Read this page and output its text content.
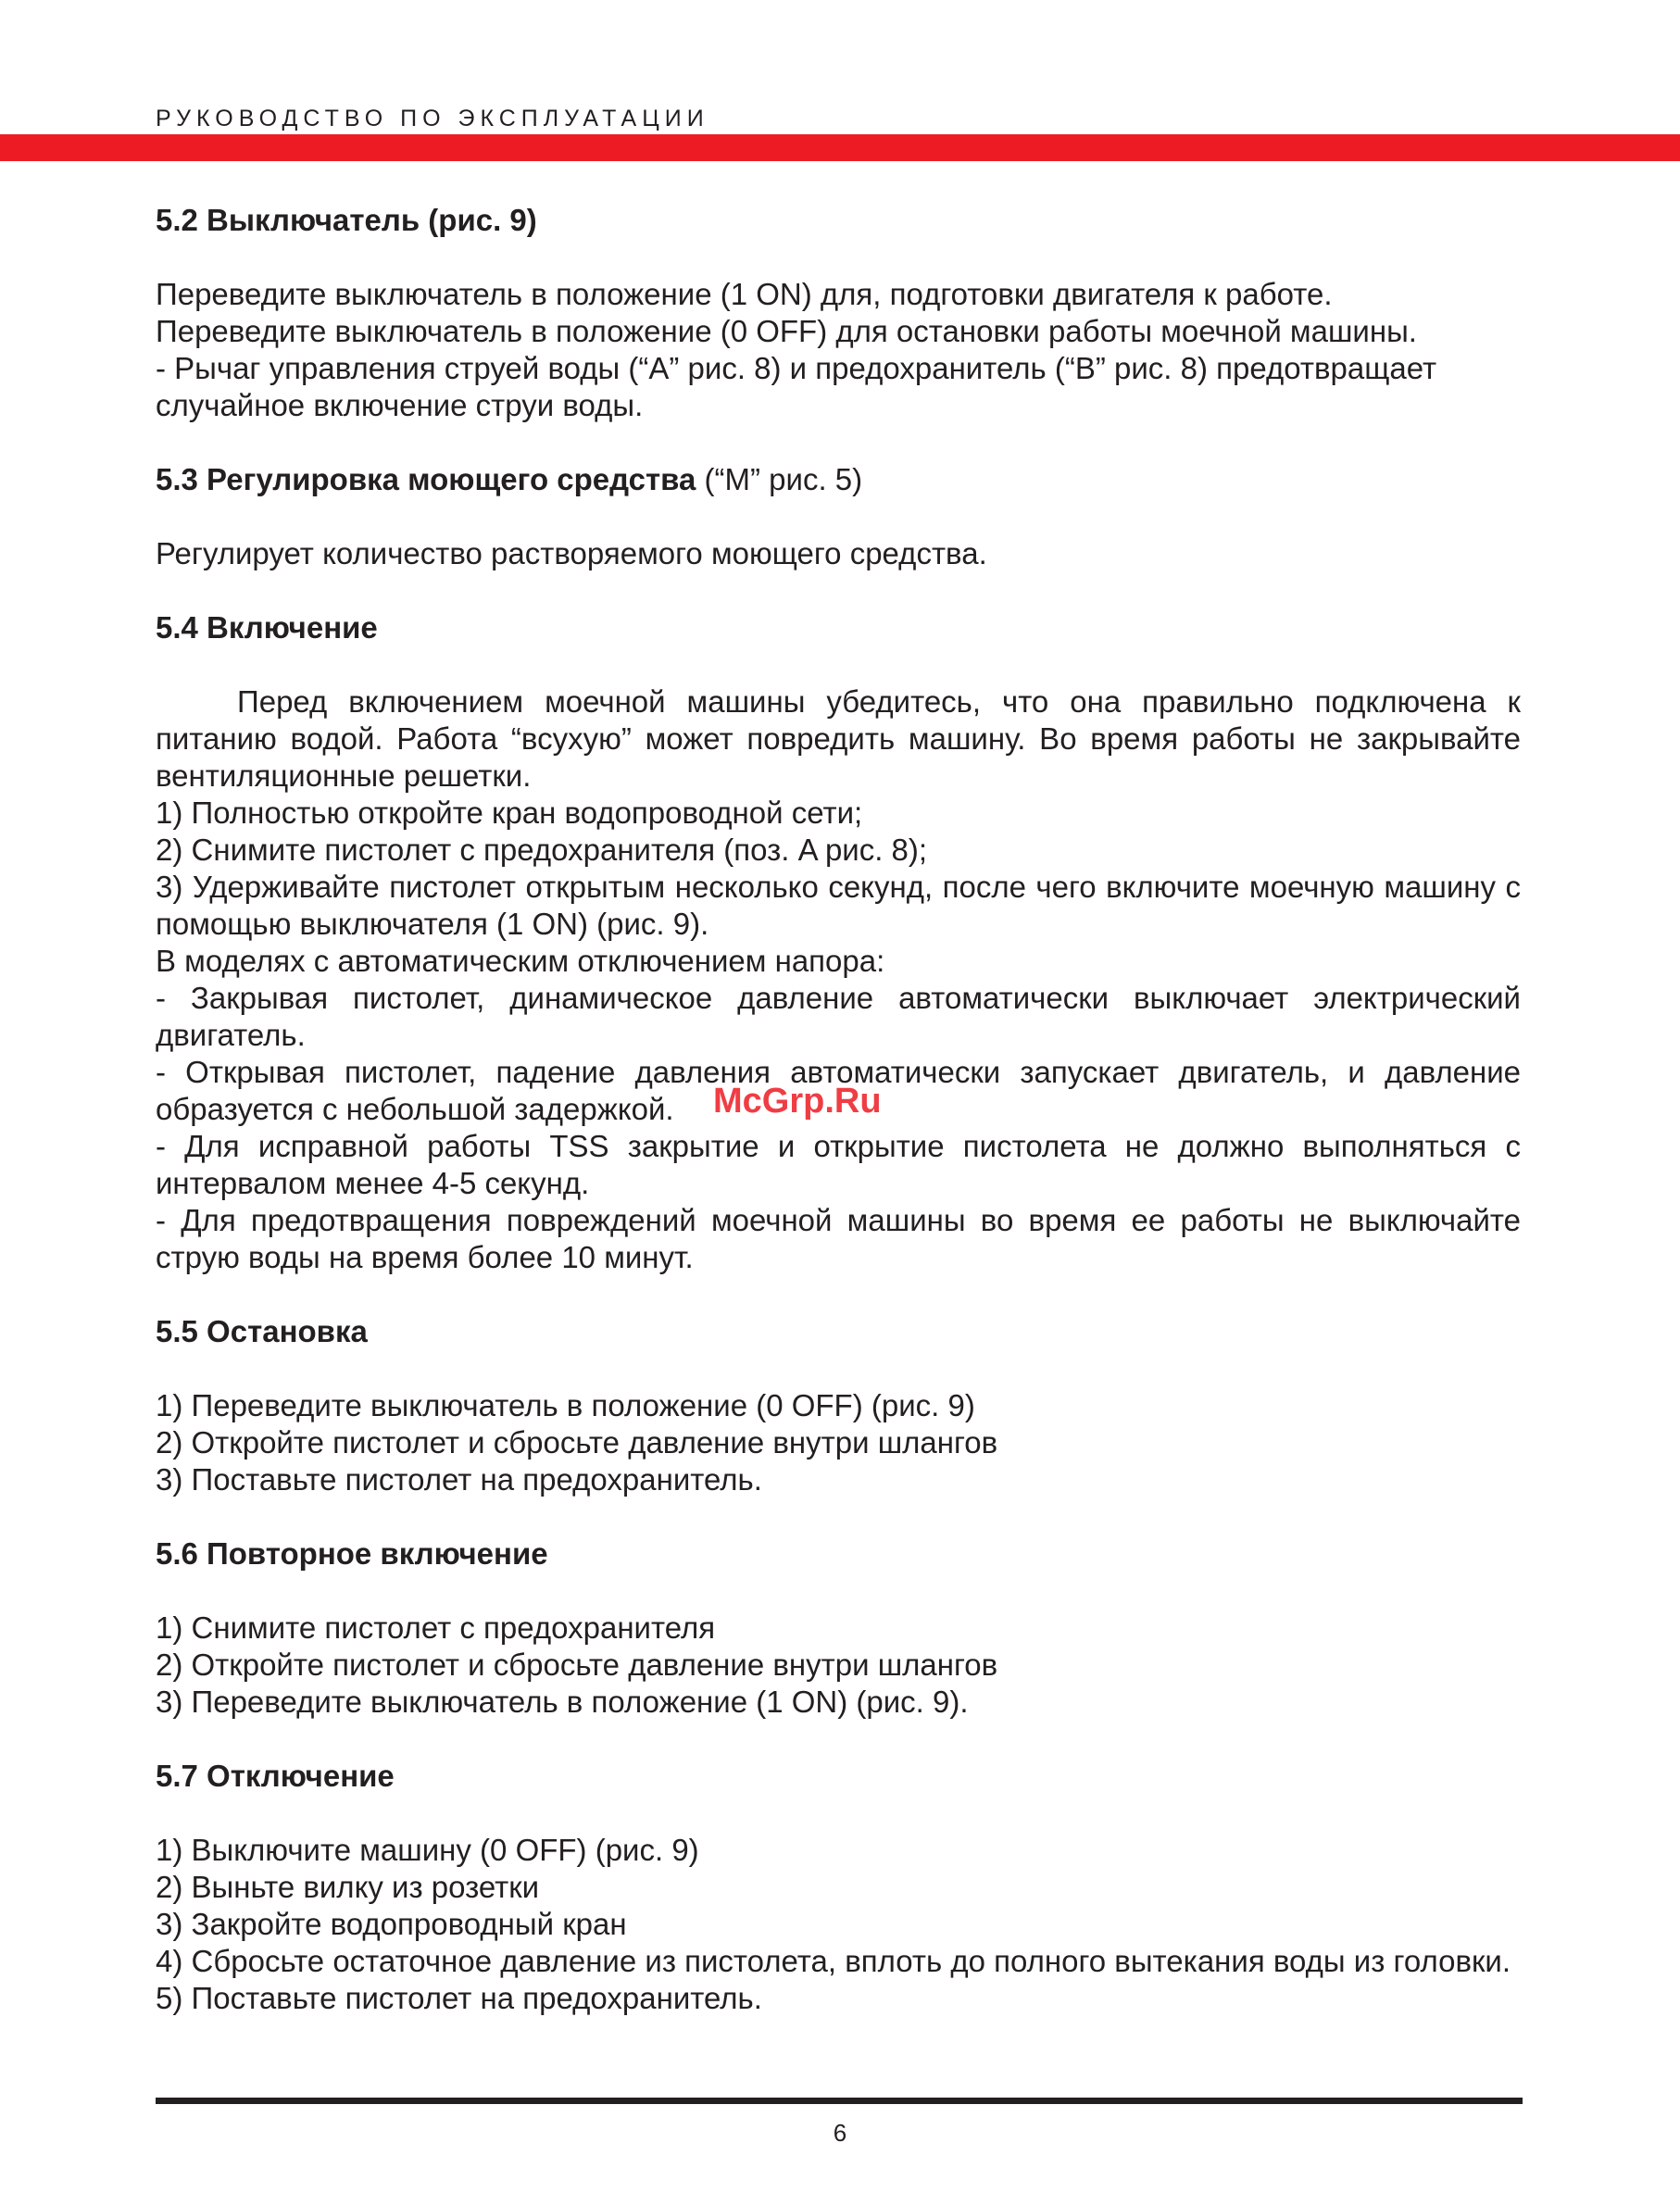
РУКОВОДСТВО ПО ЭКСПЛУАТАЦИИ

5.2 Выключатель (рис. 9)

Переведите выключатель в положение (1 ON) для, подготовки двигателя к работе.

Переведите выключатель в положение (0 OFF) для остановки работы моечной машины.

- Рычаг управления струей воды (“A” рис. 8) и предохранитель (“B” рис. 8) предотвращает случайное включение струи воды.

5.3 Регулировка моющего средства (“M” рис. 5)

Регулирует количество растворяемого моющего средства.

5.4 Включение

Перед включением моечной машины убедитесь, что она правильно подключена к питанию водой. Работа “всухую” может повредить машину. Во время работы не закрывайте вентиляционные решетки.

1) Полностью откройте кран водопроводной сети;

2) Снимите пистолет с предохранителя (поз. A рис. 8);

3) Удерживайте пистолет открытым несколько секунд, после чего включите моечную машину с помощью выключателя (1 ON) (рис. 9).

В моделях с автоматическим отключением напора:

- Закрывая пистолет, динамическое давление автоматически выключает электрический двигатель.

- Открывая пистолет, падение давления автоматически запускает двигатель, и давление образуется с небольшой задержкой.

- Для исправной работы TSS закрытие и открытие пистолета не должно выполняться с интервалом менее 4-5 секунд.

- Для предотвращения повреждений моечной машины во время ее работы не выключайте струю воды на время более 10 минут.

5.5 Остановка

1) Переведите выключатель в положение (0 OFF) (рис. 9)

2) Откройте пистолет и сбросьте давление внутри шлангов

3) Поставьте пистолет на предохранитель.

5.6 Повторное включение

1) Снимите пистолет с предохранителя

2) Откройте пистолет и сбросьте давление внутри шлангов

3) Переведите выключатель в положение (1 ON) (рис. 9).

5.7 Отключение

1) Выключите машину (0 OFF) (рис. 9)

2) Выньте вилку из розетки

3) Закройте водопроводный кран

4) Сбросьте остаточное давление из пистолета, вплоть до полного вытекания воды из головки.

5) Поставьте пистолет на предохранитель.

McGrp.Ru
6
